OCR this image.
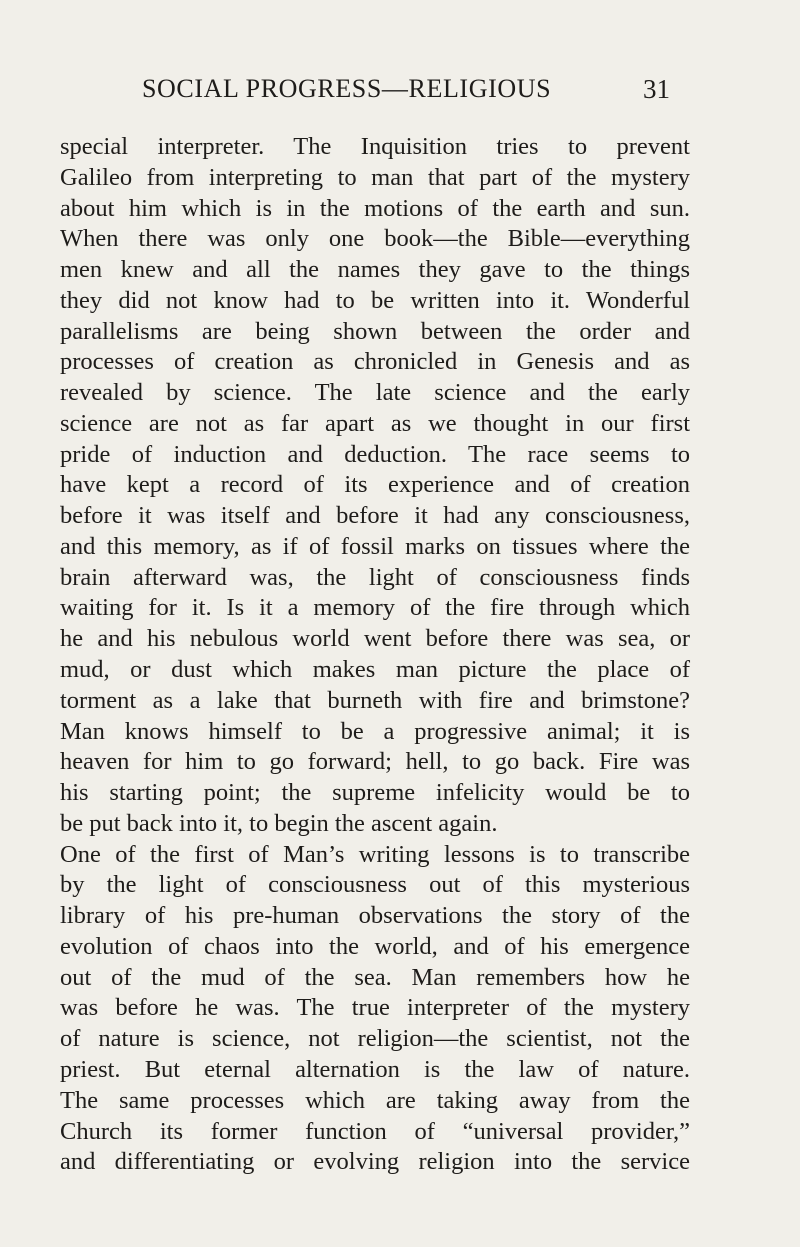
SOCIAL PROGRESS—RELIGIOUS	31
special interpreter. The Inquisition tries to prevent
Galileo from interpreting to man that part of the mystery
about him which is in the motions of the earth and sun.
When there was only one book—the Bible—everything
men knew and all the names they gave to the things
they did not know had to be written into it. Wonderful
parallelisms are being shown between the order and
processes of creation as chronicled in Genesis and as
revealed by science. The late science and the early
science are not as far apart as we thought in our first
pride of induction and deduction. The race seems to
have kept a record of its experience and of creation
before it was itself and before it had any consciousness,
and this memory, as if of fossil marks on tissues where the
brain afterward was, the light of consciousness finds
waiting for it. Is it a memory of the fire through which
he and his nebulous world went before there was sea, or
mud, or dust which makes man picture the place of
torment as a lake that burneth with fire and brimstone?
Man knows himself to be a progressive animal; it is
heaven for him to go forward; hell, to go back. Fire was
his starting point; the supreme infelicity would be to
be put back into it, to begin the ascent again.
One of the first of Man’s writing lessons is to transcribe
by the light of consciousness out of this mysterious
library of his pre-human observations the story of the
evolution of chaos into the world, and of his emergence
out of the mud of the sea. Man remembers how he
was before he was. The true interpreter of the mystery
of nature is science, not religion—the scientist, not the
priest. But eternal alternation is the law of nature.
The same processes which are taking away from the
Church its former function of “universal provider,”
and differentiating or evolving religion into the service
